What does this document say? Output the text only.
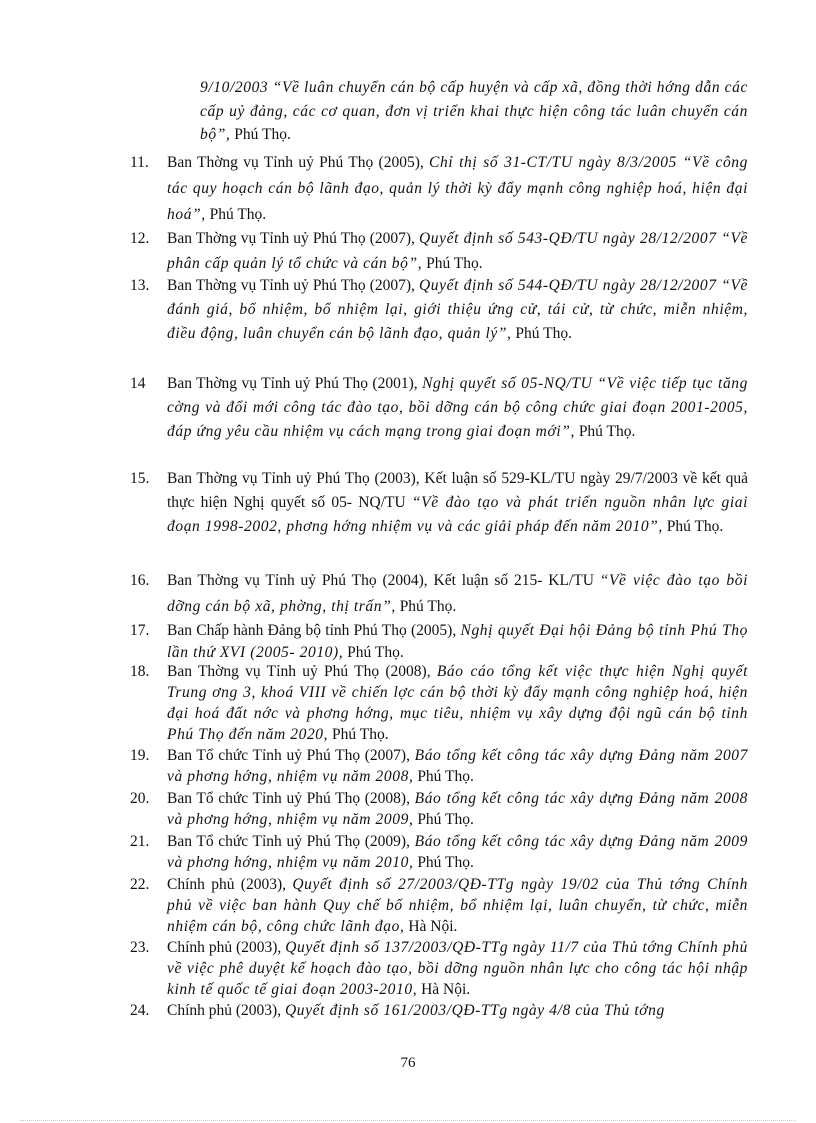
9/10/2003 “Về luân chuyển cán bộ cấp huyện và cấp xã, đồng thời hớng dẫn các cấp uỷ đảng, các cơ quan, đơn vị triển khai thực hiện công tác luân chuyển cán bộ”, Phú Thọ.
11.	Ban Thờng vụ Tỉnh uỷ Phú Thọ (2005), Chỉ thị số 31-CT/TU ngày 8/3/2005 “Về công tác quy hoạch cán bộ lãnh đạo, quản lý thời kỳ đẩy mạnh công nghiệp hoá, hiện đại hoá”, Phú Thọ.
12.	Ban Thờng vụ Tỉnh uỷ Phú Thọ (2007), Quyết định số 543-QĐ/TU ngày 28/12/2007 “Về phân cấp quản lý tổ chức và cán bộ”, Phú Thọ.
13.	Ban Thờng vụ Tỉnh uỷ Phú Thọ (2007), Quyết định số 544-QĐ/TU ngày 28/12/2007 “Về đánh giá, bổ nhiệm, bổ nhiệm lại, giới thiệu ứng cử, tái cử, từ chức, miễn nhiệm, điều động, luân chuyển cán bộ lãnh đạo, quản lý”, Phú Thọ.
14	Ban Thờng vụ Tỉnh uỷ Phú Thọ (2001), Nghị quyết số 05-NQ/TU “Về việc tiếp tục tăng cờng và đổi mới công tác đào tạo, bồi dỡng cán bộ công chức giai đoạn 2001-2005, đáp ứng yêu cầu nhiệm vụ cách mạng trong giai đoạn mới”, Phú Thọ.
15.	Ban Thờng vụ Tỉnh uỷ Phú Thọ (2003), Kết luận số 529-KL/TU ngày 29/7/2003 về kết quả thực hiện Nghị quyết số 05- NQ/TU “Về đào tạo và phát triển nguồn nhân lực giai đoạn 1998-2002, phơng hớng nhiệm vụ và các giải pháp đến năm 2010”, Phú Thọ.
16.	Ban Thờng vụ Tỉnh uỷ Phú Thọ (2004), Kết luận số 215- KL/TU “Về việc đào tạo bồi dỡng cán bộ xã, phờng, thị trấn”, Phú Thọ.
17.	Ban Chấp hành Đảng bộ tỉnh Phú Thọ (2005), Nghị quyết Đại hội Đảng bộ tỉnh Phú Thọ lần thứ XVI (2005- 2010), Phú Thọ.
18.	Ban Thờng vụ Tỉnh uỷ Phú Thọ (2008), Báo cáo tổng kết việc thực hiện Nghị quyết Trung ơng 3, khoá VIII về chiến lợc cán bộ thời kỳ đẩy mạnh công nghiệp hoá, hiện đại hoá đất nớc và phơng hớng, mục tiêu, nhiệm vụ xây dựng đội ngũ cán bộ tỉnh Phú Thọ đến năm 2020, Phú Thọ.
19.	Ban Tổ chức Tỉnh uỷ Phú Thọ (2007), Báo tổng kết công tác xây dựng Đảng năm 2007 và phơng hớng, nhiệm vụ năm 2008, Phú Thọ.
20.	Ban Tổ chức Tỉnh uỷ Phú Thọ (2008), Báo tổng kết công tác xây dựng Đảng năm 2008 và phơng hớng, nhiệm vụ năm 2009, Phú Thọ.
21.	Ban Tổ chức Tỉnh uỷ Phú Thọ (2009), Báo tổng kết công tác xây dựng Đảng năm 2009 và phơng hớng, nhiệm vụ năm 2010, Phú Thọ.
22.	Chính phủ (2003), Quyết định số 27/2003/QĐ-TTg ngày 19/02 của Thủ tớng Chính phủ về việc ban hành Quy chế bổ nhiệm, bổ nhiệm lại, luân chuyển, từ chức, miễn nhiệm cán bộ, công chức lãnh đạo, Hà Nội.
23.	Chính phủ (2003), Quyết định số 137/2003/QĐ-TTg ngày 11/7 của Thủ tớng Chính phủ về việc phê duyệt kế hoạch đào tạo, bồi dỡng nguồn nhân lực cho công tác hội nhập kinh tế quốc tế giai đoạn 2003-2010, Hà Nội.
24.	Chính phủ (2003), Quyết định số 161/2003/QĐ-TTg ngày 4/8 của Thủ tớng
76
